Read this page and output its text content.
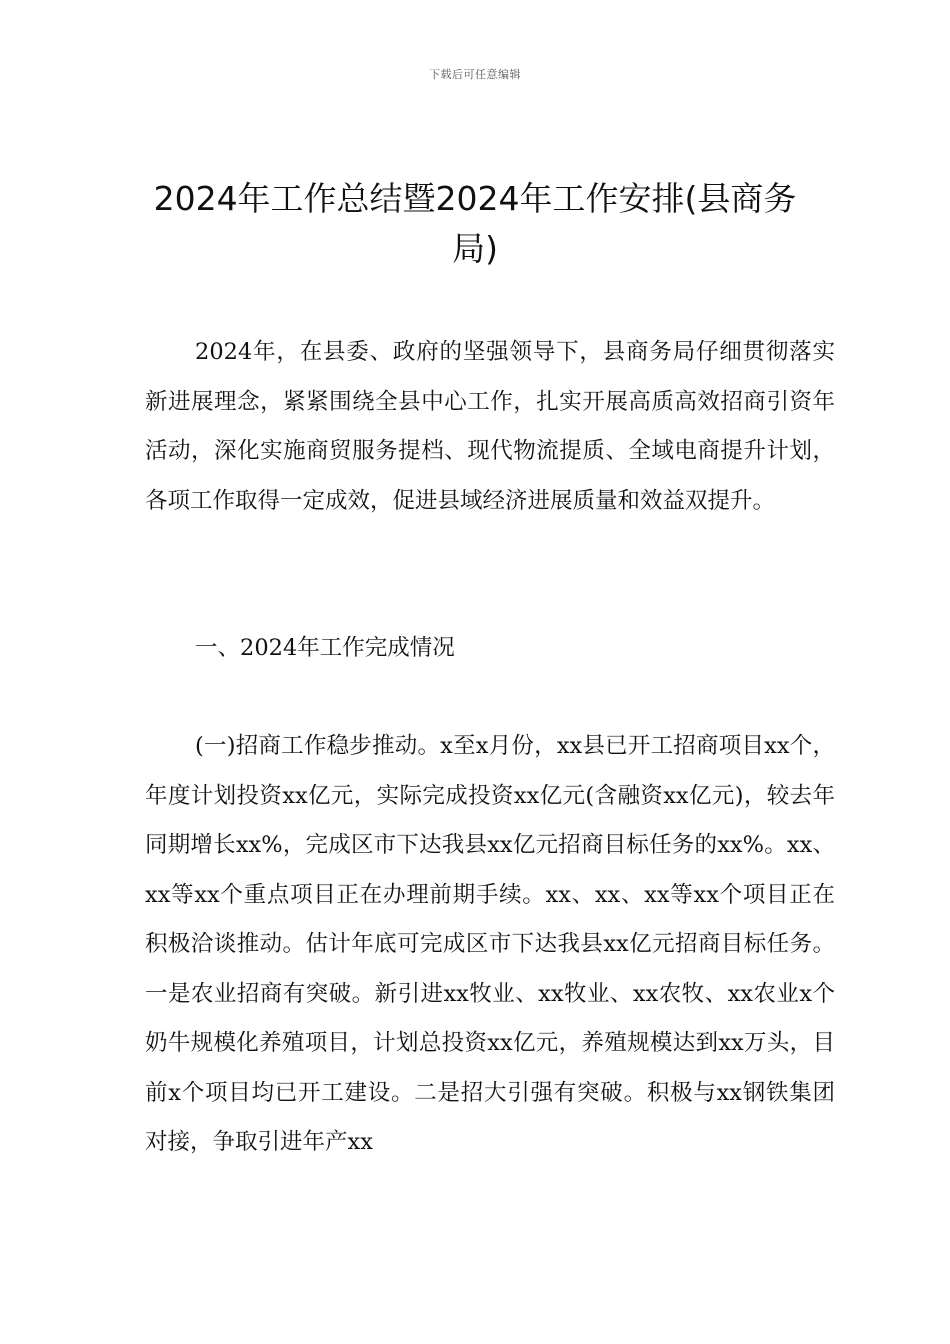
下载后可任意编辑
2024年工作总结暨2024年工作安排(县商务局)

2024年，在县委、政府的坚强领导下，县商务局仔细贯彻落实新进展理念，紧紧围绕全县中心工作，扎实开展高质高效招商引资年活动，深化实施商贸服务提档、现代物流提质、全域电商提升计划，各项工作取得一定成效，促进县域经济进展质量和效益双提升。

一、2024年工作完成情况

(一)招商工作稳步推动。x至x月份，xx县已开工招商项目xx个，年度计划投资xx亿元，实际完成投资xx亿元(含融资xx亿元)，较去年同期增长xx%，完成区市下达我县xx亿元招商目标任务的xx%。xx、xx等xx个重点项目正在办理前期手续。xx、xx、xx等xx个项目正在积极洽谈推动。估计年底可完成区市下达我县xx亿元招商目标任务。一是农业招商有突破。新引进xx牧业、xx牧业、xx农牧、xx农业x个奶牛规模化养殖项目，计划总投资xx亿元，养殖规模达到xx万头，目前x个项目均已开工建设。二是招大引强有突破。积极与xx钢铁集团对接，争取引进年产xx
